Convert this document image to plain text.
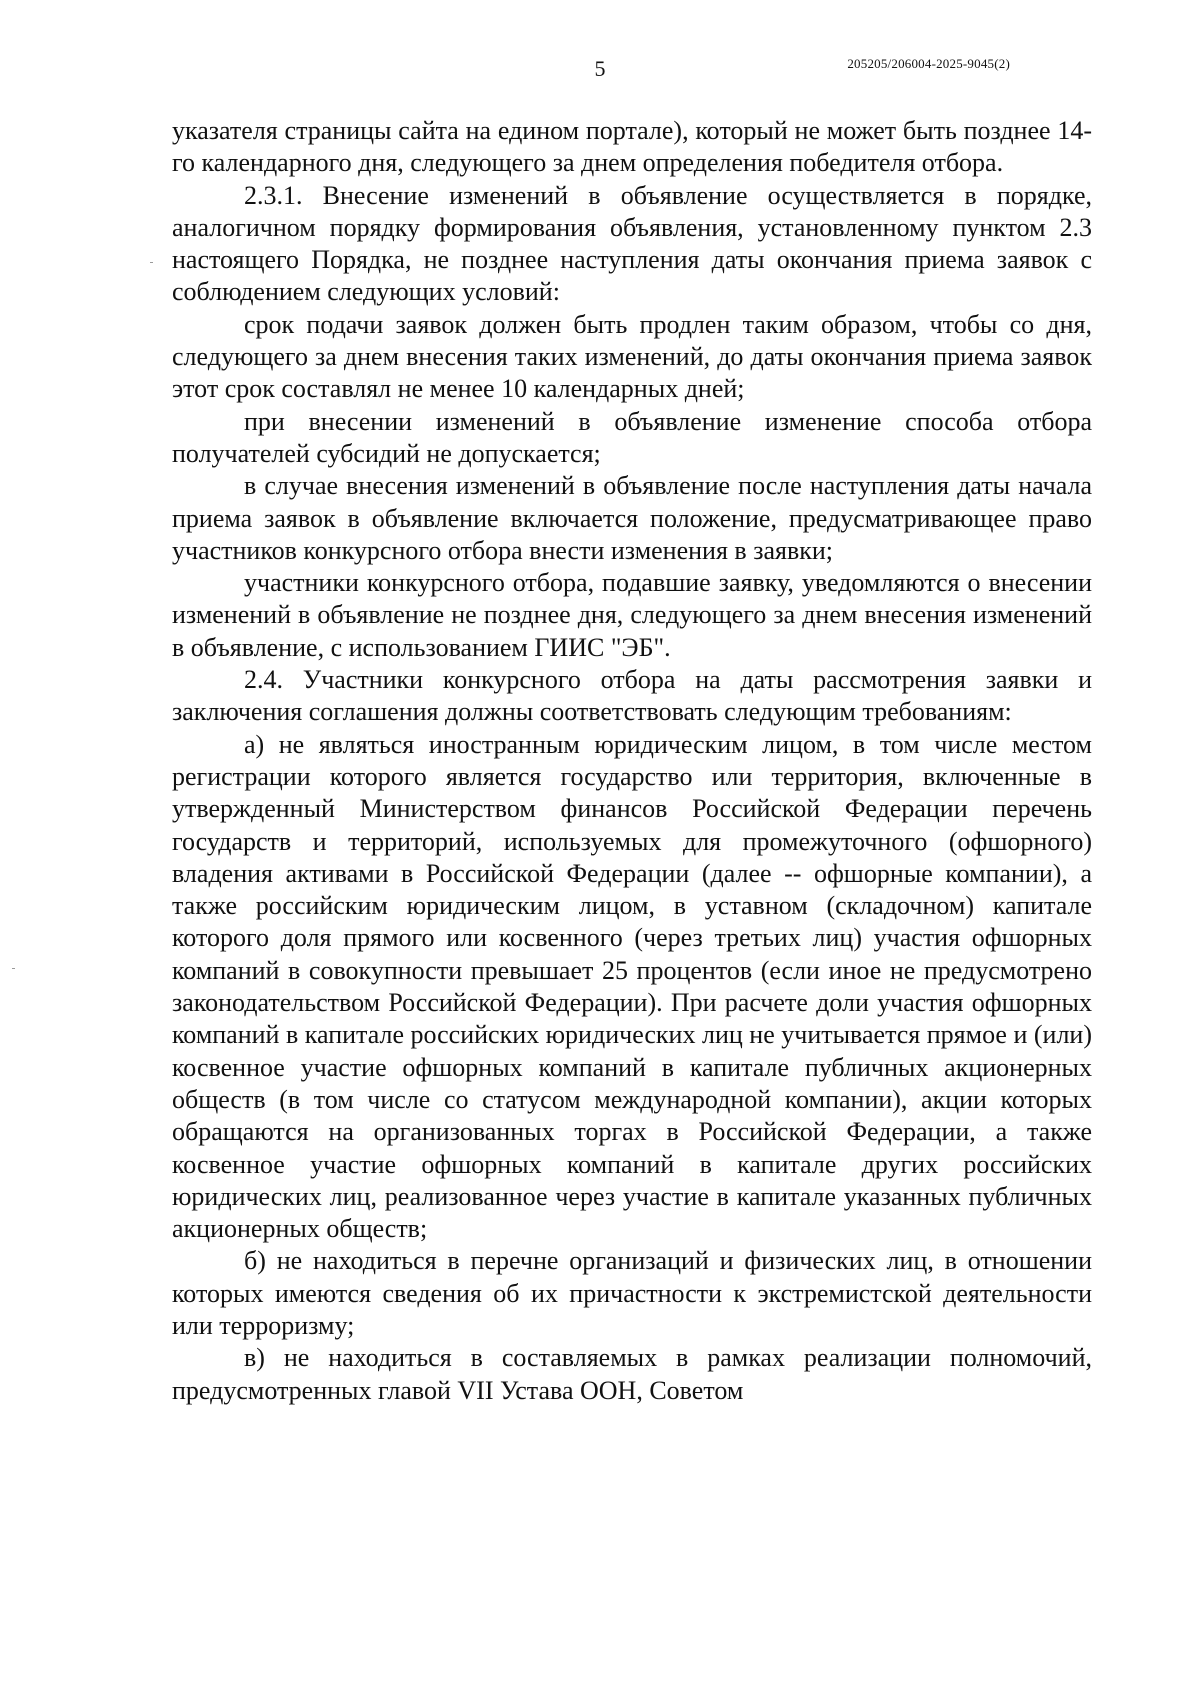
5	205205/206004-2025-9045(2)

указателя страницы сайта на едином портале), который не может быть позднее 14-го календарного дня, следующего за днем определения победителя отбора.

2.3.1. Внесение изменений в объявление осуществляется в порядке, аналогичном порядку формирования объявления, установленному пунктом 2.3 настоящего Порядка, не позднее наступления даты окончания приема заявок с соблюдением следующих условий:

срок подачи заявок должен быть продлен таким образом, чтобы со дня, следующего за днем внесения таких изменений, до даты окончания приема заявок этот срок составлял не менее 10 календарных дней;

при внесении изменений в объявление изменение способа отбора получателей субсидий не допускается;

в случае внесения изменений в объявление после наступления даты начала приема заявок в объявление включается положение, предусматривающее право участников конкурсного отбора внести изменения в заявки;

участники конкурсного отбора, подавшие заявку, уведомляются о внесении изменений в объявление не позднее дня, следующего за днем внесения изменений в объявление, с использованием ГИИС "ЭБ".

2.4. Участники конкурсного отбора на даты рассмотрения заявки и заключения соглашения должны соответствовать следующим требованиям:

а) не являться иностранным юридическим лицом, в том числе местом регистрации которого является государство или территория, включенные в утвержденный Министерством финансов Российской Федерации перечень государств и территорий, используемых для промежуточного (офшорного) владения активами в Российской Федерации (далее -- офшорные компании), а также российским юридическим лицом, в уставном (складочном) капитале которого доля прямого или косвенного (через третьих лиц) участия офшорных компаний в совокупности превышает 25 процентов (если иное не предусмотрено законодательством Российской Федерации). При расчете доли участия офшорных компаний в капитале российских юридических лиц не учитывается прямое и (или) косвенное участие офшорных компаний в капитале публичных акционерных обществ (в том числе со статусом международной компании), акции которых обращаются на организованных торгах в Российской Федерации, а также косвенное участие офшорных компаний в капитале других российских юридических лиц, реализованное через участие в капитале указанных публичных акционерных обществ;

б) не находиться в перечне организаций и физических лиц, в отношении которых имеются сведения об их причастности к экстремистской деятельности или терроризму;

в) не находиться в составляемых в рамках реализации полномочий, предусмотренных главой VII Устава ООН, Советом
